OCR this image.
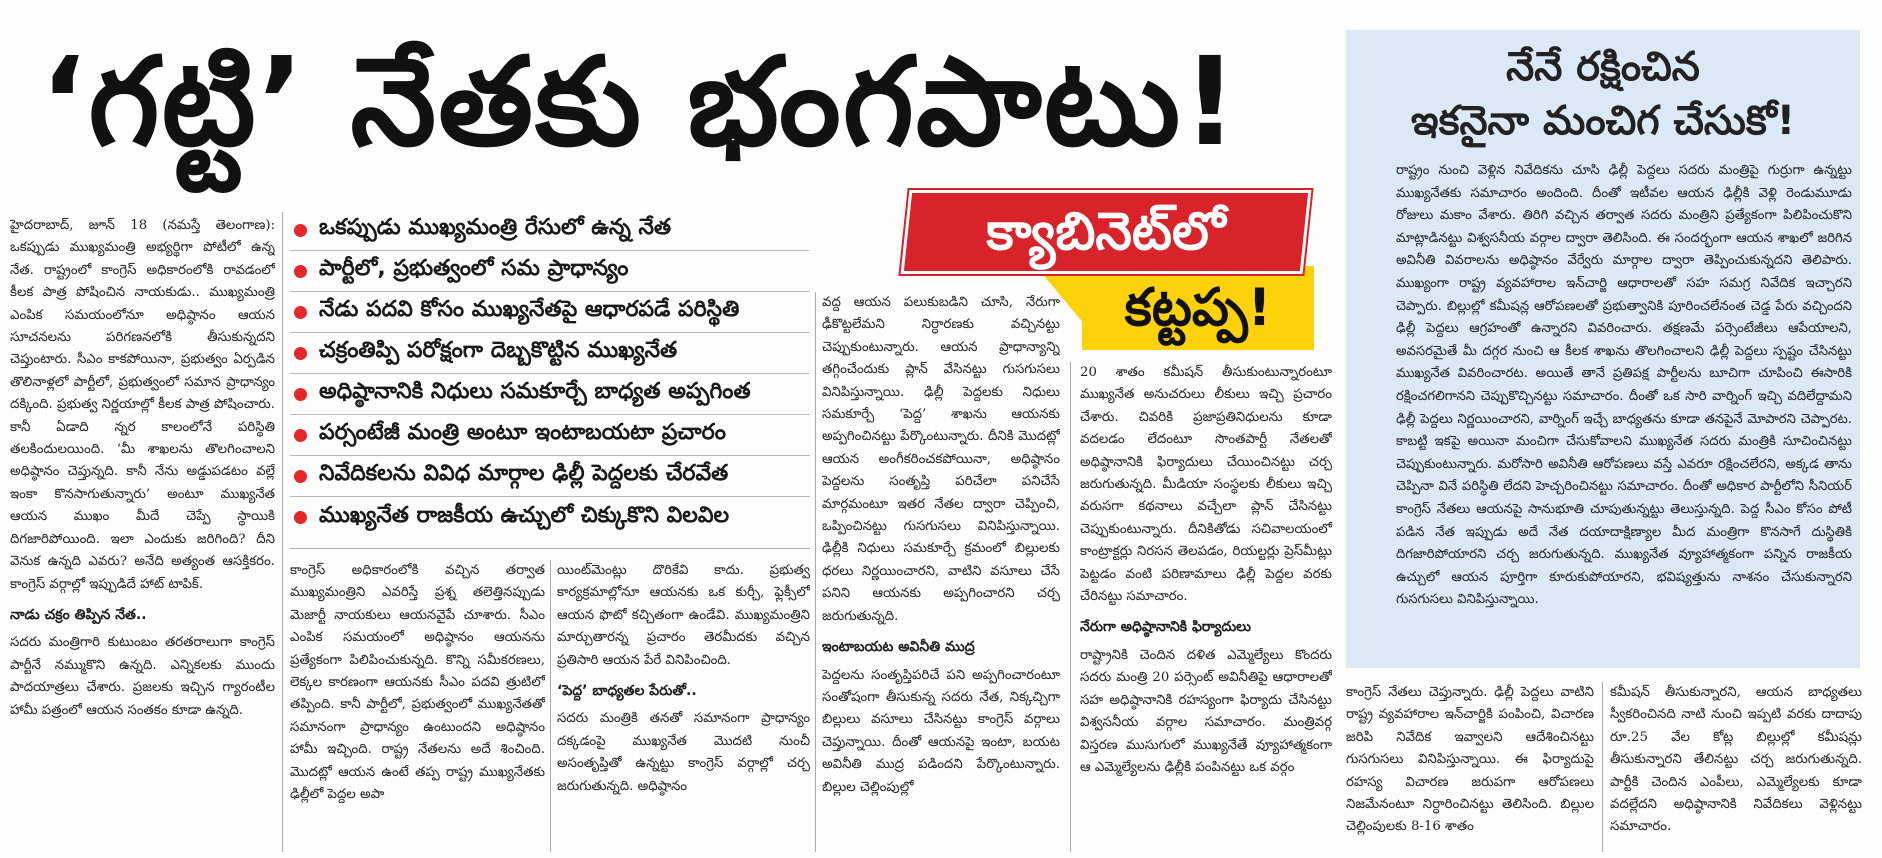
‘గట్టి’ నేతకు భంగపాటు!	నేనే రక్షించిన
ఇకనైనా మంచిగ చేసుకో!
రాష్ట్రం నుంచి వెళ్లిన నివేదికను చూసి ఢిల్లీ పెద్దలు సదరు మంత్రిపై గుర్రుగా ఉన్నట్టు ముఖ్యనేతకు సమాచారం అందింది. దీంతో ఇటీవల ఆయన ఢిల్లీకి వెళ్లి రెండుమూడు రోజులు మకాం వేశారు. తిరిగి వచ్చిన తర్వాత సదరు మంత్రిని ప్రత్యేకంగా పిలిపించుకొని మాట్లాడినట్టు విశ్వసనీయ వర్గాల ద్వారా తెలిసింది. ఈ సందర్భంగా ఆయన శాఖలో జరిగిన అవినీతి వివరాలను అధిష్ఠానం వేర్వేరు మార్గాల ద్వారా తెప్పించుకున్నదని తెలిపారు. ముఖ్యంగా రాష్ట్ర వ్యవహారాల ఇన్‌చార్జి ఆధారాలతో సహ సమగ్ర నివేదిక ఇచ్చారని చెప్పారు. బిల్లుల్లో కమీషన్ల ఆరోపణలతో ప్రభుత్వానికి పూరించలేనంత చెడ్డ పేరు వచ్చిందని ఢిల్లీ పెద్దలు ఆగ్రహంతో ఉన్నారని వివరించారు. తక్షణమే పర్సెంటేజీలు ఆపేయాలని, అవసరమైతే మీ దగ్గర నుంచి ఆ కీలక శాఖను తొలగించాలని ఢిల్లీ పెద్దలు స్పష్టం చేసినట్టు ముఖ్యనేత వివరించారట. అయితే తానే ప్రతిపక్ష పార్టీలను బూచిగా చూపించి ఈసారికి రక్షించగలిగానని చెప్పుకొచ్చినట్టు సమాచారం. దీంతో ఒక సారి వార్నింగ్ ఇచ్చి వదిలేద్దామని ఢిల్లీ పెద్దలు నిర్ణయించారని, వార్నింగ్ ఇచ్చే బాధ్యతను కూడా తనపైనే మోపారని చెప్పారట. కాబట్టి ఇకపై అయినా మంచిగా చేసుకోవాలని ముఖ్యనేత సదరు మంత్రికి సూచించినట్టు చెప్పుకుంటున్నారు. మరోసారి అవినీతి ఆరోపణలు వస్తే ఎవరూ రక్షించలేరని, అక్కడ తాను చెప్పినా వినే పరిస్థితి లేదని హెచ్చరించినట్టు సమాచారం. దీంతో అధికార పార్టీలోని సీనియర్ కాంగ్రెస్ నేతలు ఆయనపై సానుభూతి చూపుతున్నట్టు తెలుస్తున్నది. పెద్ద సీఎం కోసం పోటీ పడిన నేత ఇప్పుడు అదే నేత దయాదాక్షిణ్యాల మీద మంత్రిగా కొనసాగే దుస్థితికి దిగజారిపోయారని చర్చ జరుగుతున్నది. ముఖ్యనేత వ్యూహాత్మకంగా పన్నిన రాజకీయ ఉచ్చులో ఆయన పూర్తిగా కూరుకుపోయారని, భవిష్యత్తును నాశనం చేసుకున్నారని గుసగుసలు వినిపిస్తున్నాయి.
ఒకప్పుడు ముఖ్యమంత్రి రేసులో ఉన్న నేత
పార్టీలో, ప్రభుత్వంలో సమ ప్రాధాన్యం
నేడు పదవి కోసం ముఖ్యనేతపై ఆధారపడే పరిస్థితి
చక్రంతిప్పి పరోక్షంగా దెబ్బకొట్టిన ముఖ్యనేత
అధిష్ఠానానికి నిధులు సమకూర్చే బాధ్యత అప్పగింత
పర్సంటేజీ మంత్రి అంటూ ఇంటాబయటా ప్రచారం
నివేదికలను వివిధ మార్గాల ఢిల్లీ పెద్దలకు చేరవేత
ముఖ్యనేత రాజకీయ ఉచ్చులో చిక్కుకొని విలవిల
కట్టప్ప!
క్యాబినెట్‌లో

హైదరాబాద్, జూన్ 18 (నమస్తే తెలంగాణ): ఒకప్పుడు ముఖ్యమంత్రి అభ్యర్థిగా పోటీలో ఉన్న నేత. రాష్ట్రంలో కాంగ్రెస్ అధికారంలోకి రావడంలో కీలక పాత్ర పోషించిన నాయకుడు.. ముఖ్యమంత్రి ఎంపిక సమయంలోనూ అధిష్ఠానం ఆయన సూచనలను పరిగణనలోకి తీసుకున్నదని చెప్తుంటారు. సీఎం కాకపోయినా, ప్రభుత్వం ఏర్పడిన తొలినాళ్లలో పార్టీలో, ప్రభుత్వంలో సమాన ప్రాధాన్యం దక్కింది. ప్రభుత్వ నిర్ణయాల్లో కీలక పాత్ర పోషించారు. కానీ ఏడాది న్నర కాలంలోనే పరిస్థితి తలకిందులయింది. ‘మీ శాఖలను తొలగించాలని అధిష్ఠానం చెప్తున్నది. కానీ నేను అడ్డుపడటం వల్లే ఇంకా కొనసాగుతున్నారు’ అంటూ ముఖ్యనేత ఆయన ముఖం మీదే చెప్పే స్థాయికి దిగజారిపోయింది. ఇలా ఎందుకు జరిగింది? దీని వెనుక ఉన్నది ఎవరు? అనేది అత్యంత ఆసక్తికరం. కాంగ్రెస్ వర్గాల్లో ఇప్పుడిదే హాట్ టాపిక్.

నాడు చక్రం తిప్పిన నేత..

సదరు మంత్రిగారి కుటుంబం తరతరాలుగా కాంగ్రెస్ పార్టీనే నమ్ముకొని ఉన్నది. ఎన్నికలకు ముందు పాదయాత్రలు చేశారు. ప్రజలకు ఇచ్చిన గ్యారంటీల హామీ పత్రంలో ఆయన సంతకం కూడా ఉన్నది.

కాంగ్రెస్ అధికారంలోకి వచ్చిన తర్వాత ముఖ్యమంత్రిని ఎవరిస్తే ప్రశ్న తలెత్తినప్పుడు మెజార్టీ నాయకులు ఆయనవైపే చూశారు. సీఎం ఎంపిక సమయంలో అధిష్ఠానం ఆయనను ప్రత్యేకంగా పిలిపించుకున్నది. కొన్ని సమీకరణలు, లెక్కల కారణంగా ఆయనకు సీఎం పదవి త్రుటిలో తప్పింది. కానీ పార్టీలో, ప్రభుత్వంలో ముఖ్యనేతతో సమానంగా ప్రాధాన్యం ఉంటుందని అధిష్ఠానం హామీ ఇచ్చింది. రాష్ట్ర నేతలను అదే శించింది. మొదట్లో ఆయన ఉంటే తప్ప రాష్ట్ర ముఖ్యనేతకు ఢిల్లీలో పెద్దల అపా

యింట్‌మెంట్లు దొరికేవి కాదు. ప్రభుత్వ కార్యక్రమాల్లోనూ ఆయనకు ఒక కుర్చీ, ఫ్లెక్సీలో ఆయన ఫొటో కచ్చితంగా ఉండేవి. ముఖ్యమంత్రిని మార్చుతారన్న ప్రచారం తెరమీదకు వచ్చిన ప్రతిసారి ఆయన పేరే వినిపించింది.

‘పెద్ద’ బాధ్యతల పేరుతో..

సదరు మంత్రికి తనతో సమానంగా ప్రాధాన్యం దక్కడంపై ముఖ్యనేత మొదటి నుంచీ అసంతృప్తితో ఉన్నట్టు కాంగ్రెస్ వర్గాల్లో చర్చ జరుగుతున్నది. అధిష్ఠానం

వద్ద ఆయన పలుకుబడిని చూసి, నేరుగా ఢీకొట్టలేమని నిర్ధారణకు వచ్చినట్టు చెప్పుకుంటున్నారు. ఆయన ప్రాధాన్యాన్ని తగ్గించేందుకు ప్లాన్ వేసినట్టు గుసగుసలు వినిపిస్తున్నాయి. ఢిల్లీ పెద్దలకు నిధులు సమకూర్చే ‘పెద్ద’ శాఖను ఆయనకు అప్పగించినట్టు పేర్కొంటున్నారు. దీనికి మొదట్లో ఆయన అంగీకరించకపోయినా, అధిష్ఠానం పెద్దలను సంతృప్తి పరిచేలా పనిచేసే మార్గమంటూ ఇతర నేతల ద్వారా చెప్పించి, ఒప్పించినట్టు గుసగుసలు వినిపిస్తున్నాయి. ఢిల్లీకి నిధులు సమకూర్చే క్రమంలో బిల్లులకు ధరలు నిర్ణయించారని, వాటిని వసూలు చేసే పనిని ఆయనకు అప్పగించారని చర్చ జరుగుతున్నది.

ఇంటాబయట అవినీతి ముద్ర

పెద్దలను సంతృప్తిపరిచే పని అప్పగించారంటూ సంతోషంగా తీసుకున్న సదరు నేత, నిక్కచ్చిగా బిల్లులు వసూలు చేసినట్టు కాంగ్రెస్ వర్గాలు చెప్తున్నాయి. దీంతో ఆయనపై ఇంటా, బయట అవినీతి ముద్ర పడిందని పేర్కొంటున్నారు. బిల్లుల చెల్లింపుల్లో

20 శాతం కమీషన్ తీసుకుంటున్నారంటూ ముఖ్యనేత అనుచరులు లీకులు ఇచ్చి ప్రచారం చేశారు. చివరికి ప్రజాప్రతినిధులను కూడా వదలడం లేదంటూ సొంతపార్టీ నేతలతో అధిష్ఠానానికి ఫిర్యాదులు చేయించినట్టు చర్చ జరుగుతున్నది. మీడియా సంస్థలకు లీకులు ఇచ్చి వరుసగా కథనాలు వచ్చేలా ప్లాన్ చేసినట్టు చెప్పుకుంటున్నారు. దీనికితోడు సచివాలయంలో కాంట్రాక్టర్లు నిరసన తెలపడం, రియల్టర్లు ప్రెస్‌మీట్లు పెట్టడం వంటి పరిణామాలు ఢిల్లీ పెద్దల వరకు చేరినట్టు సమాచారం.

నేరుగా అధిష్ఠానానికి ఫిర్యాదులు

రాష్ట్రానికి చెందిన దళిత ఎమ్మెల్యేలు కొందరు సదరు మంత్రి 20 పర్సెంట్ అవినీతిపై ఆధారాలతో సహ అధిష్ఠానానికి రహస్యంగా ఫిర్యాదు చేసినట్టు విశ్వసనీయ వర్గాల సమాచారం. మంత్రివర్గ విస్తరణ ముసుగులో ముఖ్యనేతే వ్యూహాత్మకంగా ఆ ఎమ్మెల్యేలను ఢిల్లీకి పంపినట్టు ఒక వర్గం

కాంగ్రెస్ నేతలు చెప్తున్నారు. ఢిల్లీ పెద్దలు వాటిని రాష్ట్ర వ్యవహారాల ఇన్‌చార్జికి పంపించి, విచారణ జరిపి నివేదిక ఇవ్వాలని ఆదేశించినట్టు గుసగుసలు వినిపిస్తున్నాయి. ఈ ఫిర్యాదుపై రహస్య విచారణ జరుపగా ఆరోపణలు నిజమేనంటూ నిర్ధారించినట్టు తెలిసింది. బిల్లుల చెల్లింపులకు 8-16 శాతం

కమీషన్ తీసుకున్నారని, ఆయన బాధ్యతలు స్వీకరించినది నాటి నుంచి ఇప్పటి వరకు దాదాపు రూ.25 వేల కోట్ల బిల్లుల్లో కమీషన్లు తీసుకున్నారని తేలినట్టు చర్చ జరుగుతున్నది. పార్టీకి చెందిన ఎంపీలు, ఎమ్మెల్యేలకు కూడా వదల్లేదని అధిష్ఠానానికి నివేదికలు వెళ్లినట్టు సమాచారం.
